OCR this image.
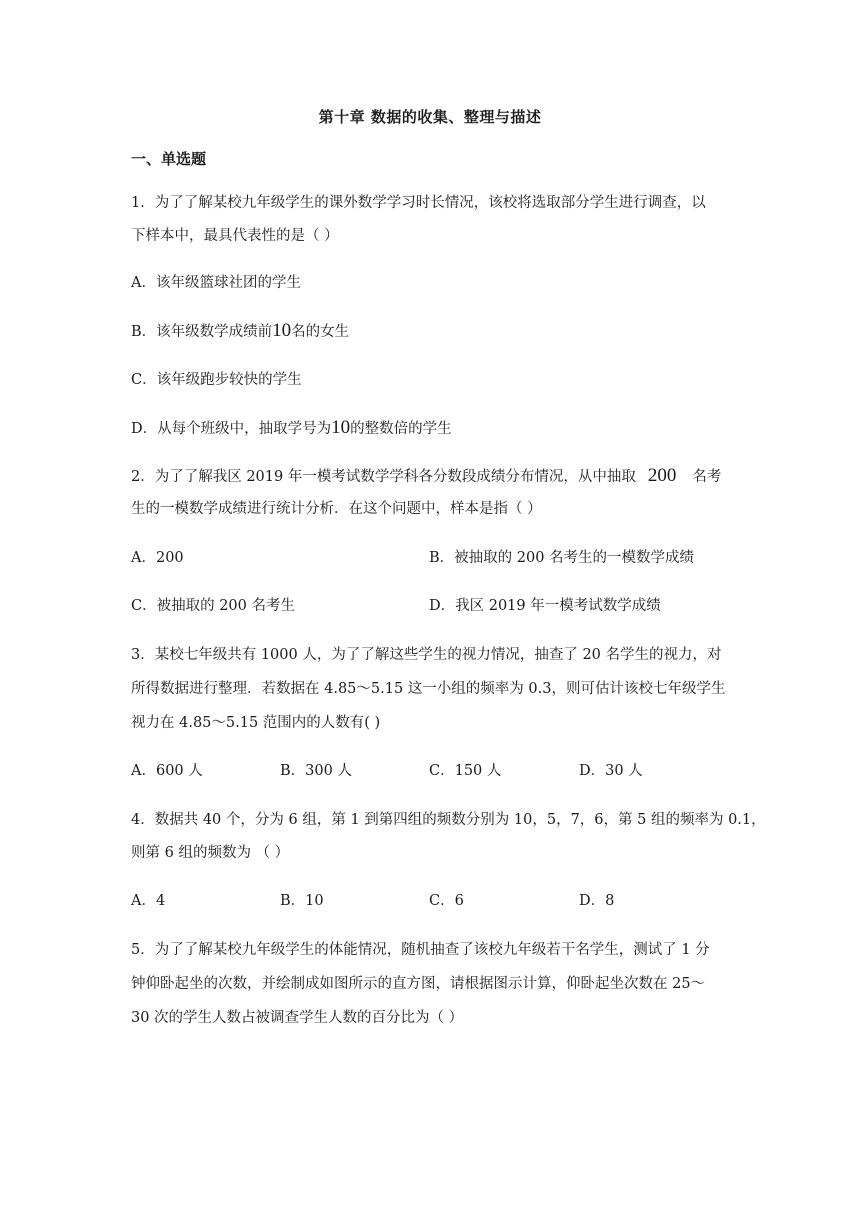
第十章 数据的收集、整理与描述
一、单选题
1．为了了解某校九年级学生的课外数学学习时长情况，该校将选取部分学生进行调查，以
下样本中，最具代表性的是（ ）
A．该年级篮球社团的学生
B．该年级数学成绩前10名的女生
C．该年级跑步较快的学生
D．从每个班级中，抽取学号为10的整数倍的学生
2．为了了解我区 2019 年一模考试数学学科各分数段成绩分布情况，从中抽取 200 名考
生的一模数学成绩进行统计分析．在这个问题中，样本是指（ ）
A．200	B．被抽取的 200 名考生的一模数学成绩
C．被抽取的 200 名考生	D．我区 2019 年一模考试数学成绩
3．某校七年级共有 1000 人，为了了解这些学生的视力情况，抽查了 20 名学生的视力，对
所得数据进行整理．若数据在 4.85～5.15 这一小组的频率为 0.3，则可估计该校七年级学生
视力在 4.85～5.15 范围内的人数有( )
A．600 人	B．300 人	C．150 人	D．30 人
4．数据共 40 个，分为 6 组，第 1 到第四组的频数分别为 10，5，7，6，第 5 组的频率为 0.1，
则第 6 组的频数为 （ ）
A．4	B．10	C．6	D．8
5．为了了解某校九年级学生的体能情况，随机抽查了该校九年级若干名学生，测试了 1 分
钟仰卧起坐的次数，并绘制成如图所示的直方图，请根据图示计算，仰卧起坐次数在 25～
30 次的学生人数占被调查学生人数的百分比为（ ）
